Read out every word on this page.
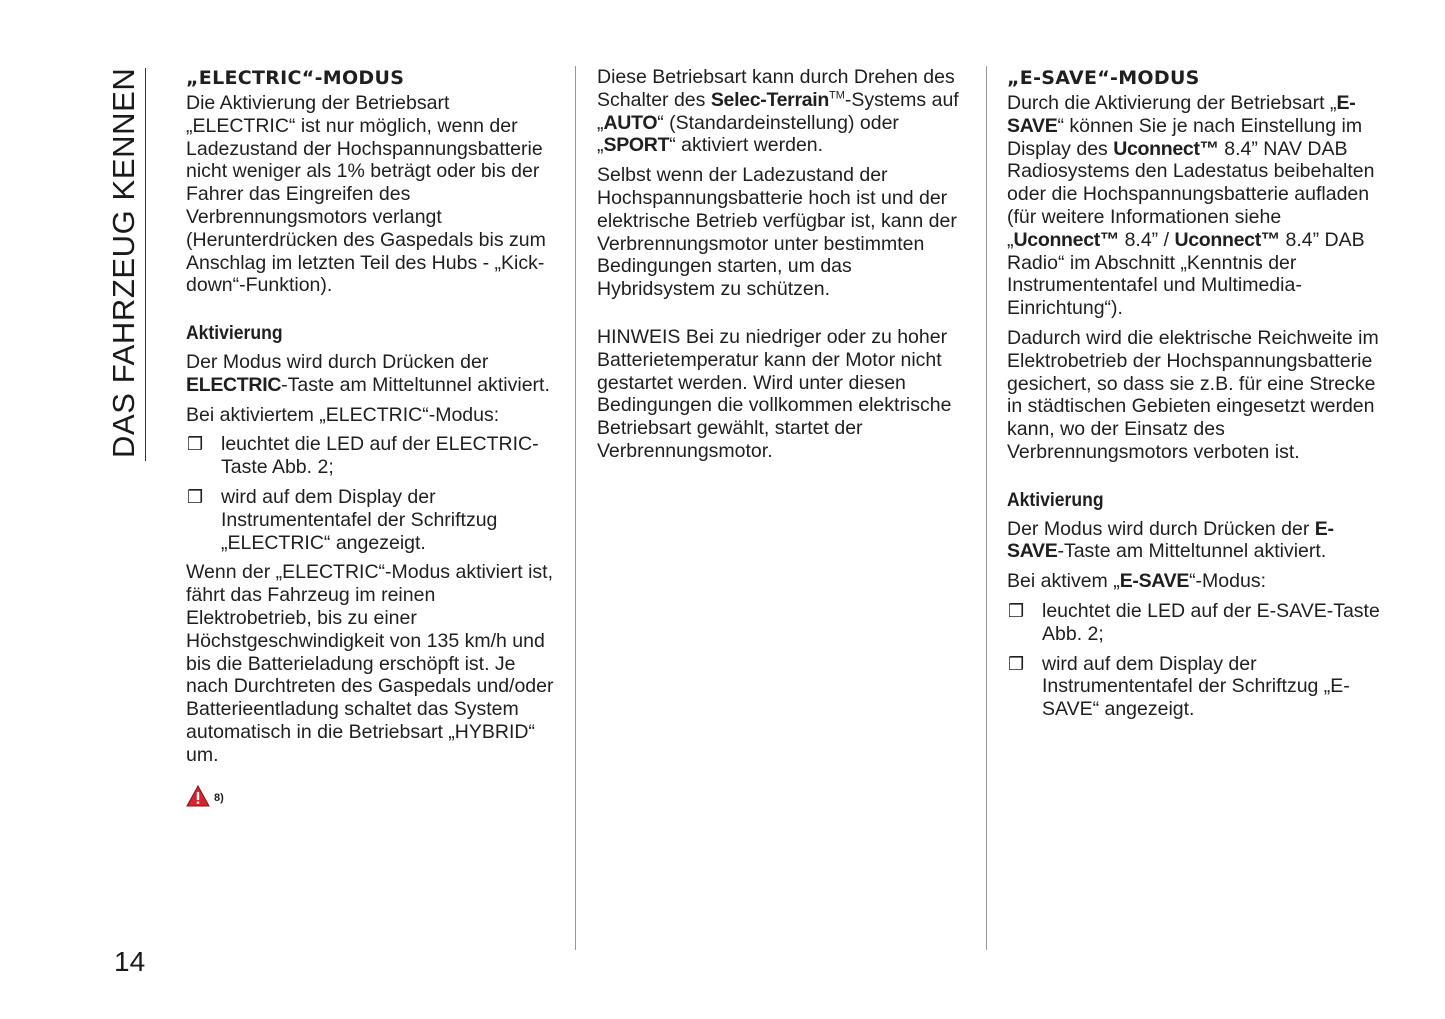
DAS FAHRZEUG KENNEN „ELECTRIC“-MODUS

Die Aktivierung der Betriebsart „ELECTRIC“ ist nur möglich, wenn der Ladezustand der Hochspannungsbatterie nicht weniger als 1% beträgt oder bis der Fahrer das Eingreifen des Verbrennungsmotors verlangt (Herunterdrücken des Gaspedals bis zum Anschlag im letzten Teil des Hubs - „Kick-down“-Funktion).

Aktivierung

Der Modus wird durch Drücken der ELECTRIC-Taste am Mitteltunnel aktiviert.

Bei aktiviertem „ELECTRIC“-Modus:

❒ leuchtet die LED auf der ELECTRIC-Taste Abb. 2;
❒ wird auf dem Display der Instrumententafel der Schriftzug „ELECTRIC“ angezeigt.

Wenn der „ELECTRIC“-Modus aktiviert ist, fährt das Fahrzeug im reinen Elektrobetrieb, bis zu einer Höchstgeschwindigkeit von 135 km/h und bis die Batterieladung erschöpft ist. Je nach Durchtreten des Gaspedals und/oder Batterieentladung schaltet das System automatisch in die Betriebsart „HYBRID“ um.

8)

Diese Betriebsart kann durch Drehen des Schalter des Selec-Terrain™-Systems auf „AUTO“ (Standardeinstellung) oder „SPORT“ aktiviert werden.

Selbst wenn der Ladezustand der Hochspannungsbatterie hoch ist und der elektrische Betrieb verfügbar ist, kann der Verbrennungsmotor unter bestimmten Bedingungen starten, um das Hybridsystem zu schützen.

HINWEIS Bei zu niedriger oder zu hoher Batterietemperatur kann der Motor nicht gestartet werden. Wird unter diesen Bedingungen die vollkommen elektrische Betriebsart gewählt, startet der Verbrennungsmotor.

„E-SAVE“-MODUS

Durch die Aktivierung der Betriebsart „E-SAVE“ können Sie je nach Einstellung im Display des Uconnect™ 8.4” NAV DAB Radiosystems den Ladestatus beibehalten oder die Hochspannungsbatterie aufladen (für weitere Informationen siehe „Uconnect™ 8.4” / Uconnect™ 8.4” DAB Radio“ im Abschnitt „Kenntnis der Instrumententafel und Multimedia-Einrichtung“).

Dadurch wird die elektrische Reichweite im Elektrobetrieb der Hochspannungsbatterie gesichert, so dass sie z.B. für eine Strecke in städtischen Gebieten eingesetzt werden kann, wo der Einsatz des Verbrennungsmotors verboten ist.

Aktivierung

Der Modus wird durch Drücken der E-SAVE-Taste am Mitteltunnel aktiviert.

Bei aktivem „E-SAVE“-Modus:

❒ leuchtet die LED auf der E-SAVE-Taste Abb. 2;
❒ wird auf dem Display der Instrumententafel der Schriftzug „E-SAVE“ angezeigt.
14
